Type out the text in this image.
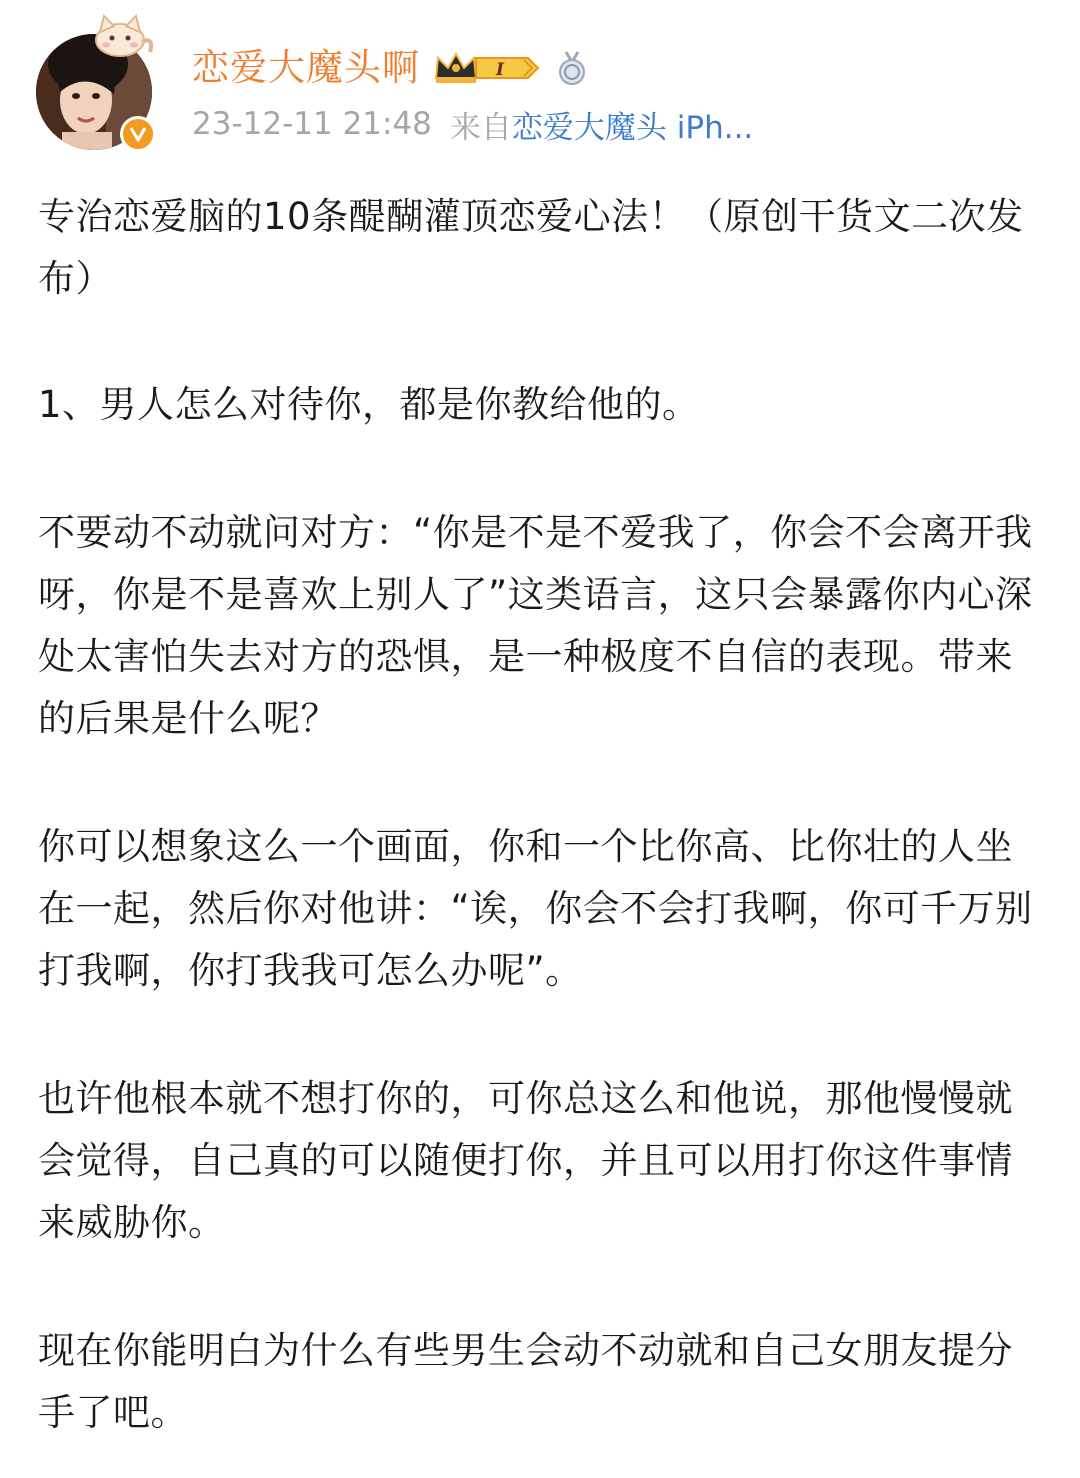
恋爱大魔头啊	I
23-12-11 21:48 来自 恋爱大魔头 iPh...

专治恋爱脑的10条醍醐灌顶恋爱心法！（原创干货文二次发布）

1、男人怎么对待你，都是你教给他的。

不要动不动就问对方：“你是不是不爱我了，你会不会离开我呀，你是不是喜欢上别人了”这类语言，这只会暴露你内心深处太害怕失去对方的恐惧，是一种极度不自信的表现。带来的后果是什么呢？

你可以想象这么一个画面，你和一个比你高、比你壮的人坐在一起，然后你对他讲：“诶，你会不会打我啊，你可千万别打我啊，你打我我可怎么办呢”。

也许他根本就不想打你的，可你总这么和他说，那他慢慢就会觉得，自己真的可以随便打你，并且可以用打你这件事情来威胁你。

现在你能明白为什么有些男生会动不动就和自己女朋友提分手了吧。
